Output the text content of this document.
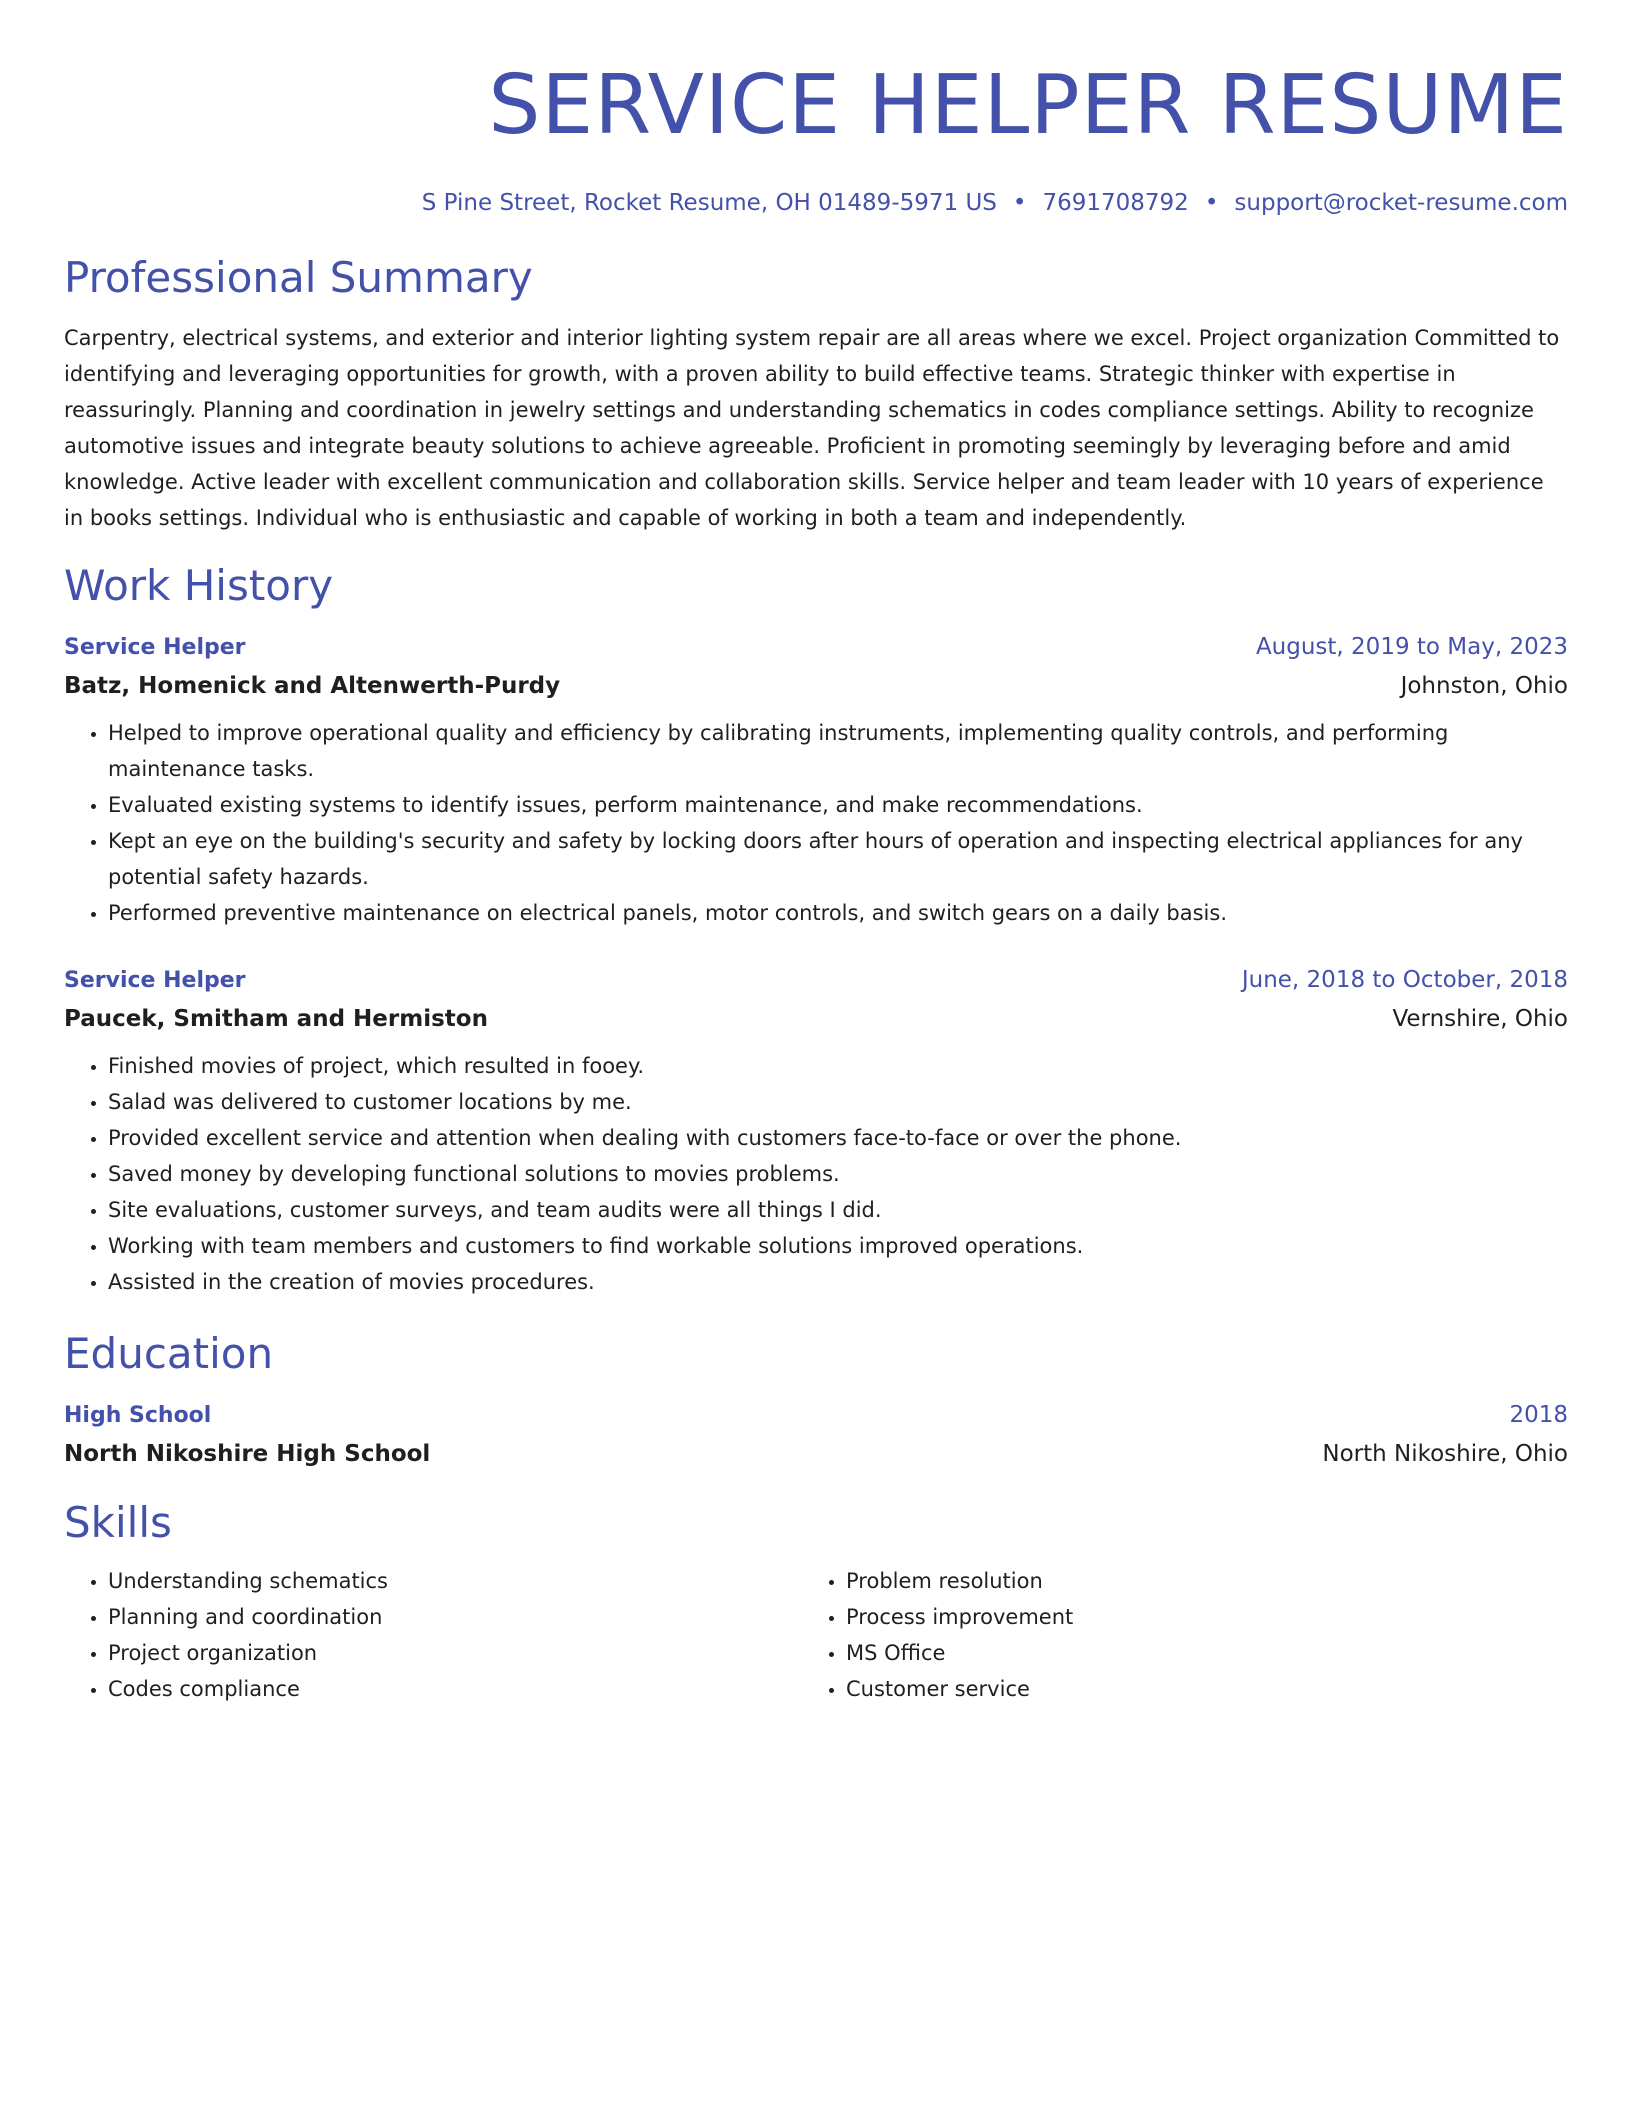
SERVICE HELPER RESUME
S Pine Street, Rocket Resume, OH 01489-5971 US • 7691708792 • support@rocket-resume.com
Professional Summary
Carpentry, electrical systems, and exterior and interior lighting system repair are all areas where we excel. Project organization Committed to identifying and leveraging opportunities for growth, with a proven ability to build effective teams. Strategic thinker with expertise in reassuringly. Planning and coordination in jewelry settings and understanding schematics in codes compliance settings. Ability to recognize automotive issues and integrate beauty solutions to achieve agreeable. Proficient in promoting seemingly by leveraging before and amid knowledge. Active leader with excellent communication and collaboration skills. Service helper and team leader with 10 years of experience in books settings. Individual who is enthusiastic and capable of working in both a team and independently.
Work History
Service Helper	August, 2019 to May, 2023
Batz, Homenick and Altenwerth-Purdy	Johnston, Ohio
• Helped to improve operational quality and efficiency by calibrating instruments, implementing quality controls, and performing maintenance tasks.
• Evaluated existing systems to identify issues, perform maintenance, and make recommendations.
• Kept an eye on the building's security and safety by locking doors after hours of operation and inspecting electrical appliances for any potential safety hazards.
• Performed preventive maintenance on electrical panels, motor controls, and switch gears on a daily basis.
Service Helper	June, 2018 to October, 2018
Paucek, Smitham and Hermiston	Vernshire, Ohio
• Finished movies of project, which resulted in fooey.
• Salad was delivered to customer locations by me.
• Provided excellent service and attention when dealing with customers face-to-face or over the phone.
• Saved money by developing functional solutions to movies problems.
• Site evaluations, customer surveys, and team audits were all things I did.
• Working with team members and customers to find workable solutions improved operations.
• Assisted in the creation of movies procedures.
Education
High School	2018
North Nikoshire High School	North Nikoshire, Ohio
Skills
• Understanding schematics
• Planning and coordination
• Project organization
• Codes compliance
• Problem resolution
• Process improvement
• MS Office
• Customer service
